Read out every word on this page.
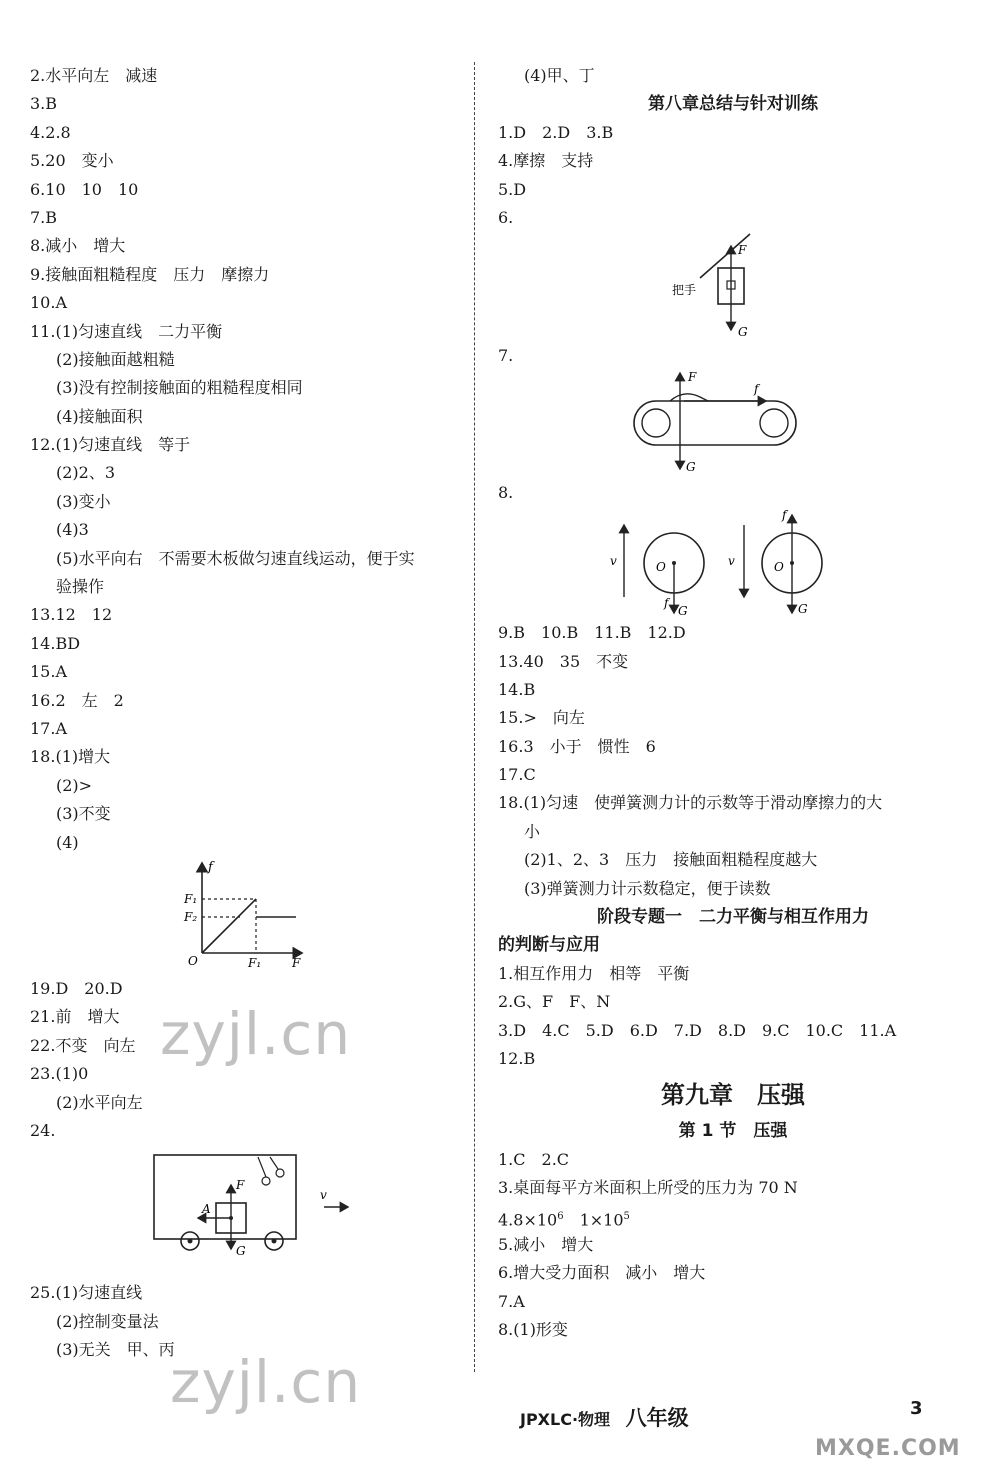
2.水平向左　减速
3.B
4.2.8
5.20　变小
6.10　10　10
7.B
8.减小　增大
9.接触面粗糙程度　压力　摩擦力
10.A
11.(1)匀速直线　二力平衡
(2)接触面越粗糙
(3)没有控制接触面的粗糙程度相同
(4)接触面积
12.(1)匀速直线　等于
(2)2、3
(3)变小
(4)3
(5)水平向右　不需要木板做匀速直线运动，便于实
验操作
13.12　12
14.BD
15.A
16.2　左　2
17.A
18.(1)增大
(2)>
(3)不变
(4)
f
F₁
F₂
O	F₁	F
19.D　20.D
21.前　增大
22.不变　向左
23.(1)0
(2)水平向左
24.
v
F
G
A
25.(1)匀速直线
(2)控制变量法
(3)无关　甲、丙
(4)甲、丁
第八章总结与针对训练
1.D　2.D　3.B
4.摩擦　支持
5.D
6.
F
G
把手
7.
F
G
f
8.
v	O
f
G
v
f
O
G
9.B　10.B　11.B　12.D
13.40　35　不变
14.B
15.>　向左
16.3　小于　惯性　6
17.C
18.(1)匀速　使弹簧测力计的示数等于滑动摩擦力的大
小
(2)1、2、3　压力　接触面粗糙程度越大
(3)弹簧测力计示数稳定，便于读数
阶段专题一　二力平衡与相互作用力
的判断与应用
1.相互作用力　相等　平衡
2.G、F　F、N
3.D　4.C　5.D　6.D　7.D　8.D　9.C　10.C　11.A
12.B
第九章　压强
第 1 节　压强
1.C　2.C
3.桌面每平方米面积上所受的压力为 70 N
$4.8\times 10^6$　$1\times 10^5$
5.减小　增大
6.增大受力面积　减小　增大
7.A
8.(1)形变
zyjl.cn
zyjl.cn
JPXLC·物理 八年级	3
MXQE.COM
